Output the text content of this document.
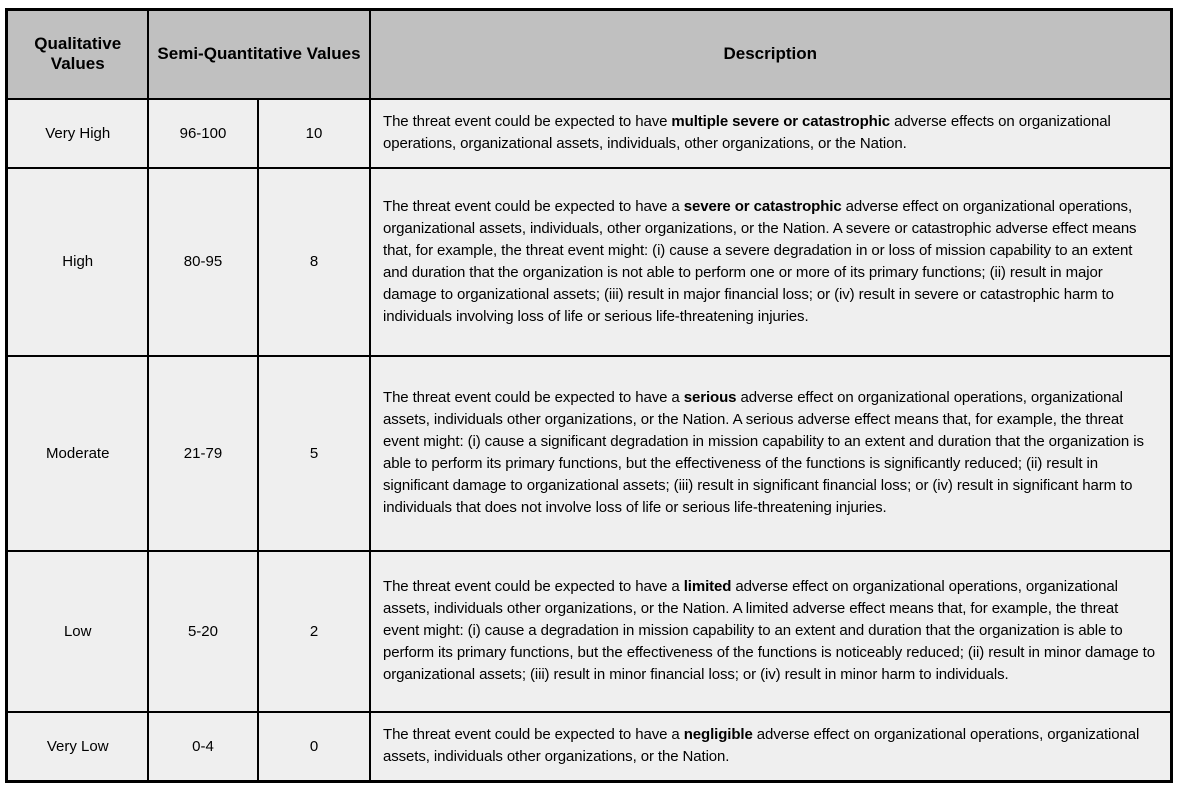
Qualitative Values	Semi-Quantitative Values		Description
Very High	96-100	10	The threat event could be expected to have multiple severe or catastrophic adverse effects on organizational operations, organizational assets, individuals, other organizations, or the Nation.
High	80-95	8	The threat event could be expected to have a severe or catastrophic adverse effect on organizational operations, organizational assets, individuals, other organizations, or the Nation. A severe or catastrophic adverse effect means that, for example, the threat event might: (i) cause a severe degradation in or loss of mission capability to an extent and duration that the organization is not able to perform one or more of its primary functions; (ii) result in major damage to organizational assets; (iii) result in major financial loss; or (iv) result in severe or catastrophic harm to individuals involving loss of life or serious life-threatening injuries.
Moderate	21-79	5	The threat event could be expected to have a serious adverse effect on organizational operations, organizational assets, individuals other organizations, or the Nation. A serious adverse effect means that, for example, the threat event might: (i) cause a significant degradation in mission capability to an extent and duration that the organization is able to perform its primary functions, but the effectiveness of the functions is significantly reduced; (ii) result in significant damage to organizational assets; (iii) result in significant financial loss; or (iv) result in significant harm to individuals that does not involve loss of life or serious life-threatening injuries.
Low	5-20	2	The threat event could be expected to have a limited adverse effect on organizational operations, organizational assets, individuals other organizations, or the Nation. A limited adverse effect means that, for example, the threat event might: (i) cause a degradation in mission capability to an extent and duration that the organization is able to perform its primary functions, but the effectiveness of the functions is noticeably reduced; (ii) result in minor damage to organizational assets; (iii) result in minor financial loss; or (iv) result in minor harm to individuals.
Very Low	0-4	0	The threat event could be expected to have a negligible adverse effect on organizational operations, organizational assets, individuals other organizations, or the Nation.
